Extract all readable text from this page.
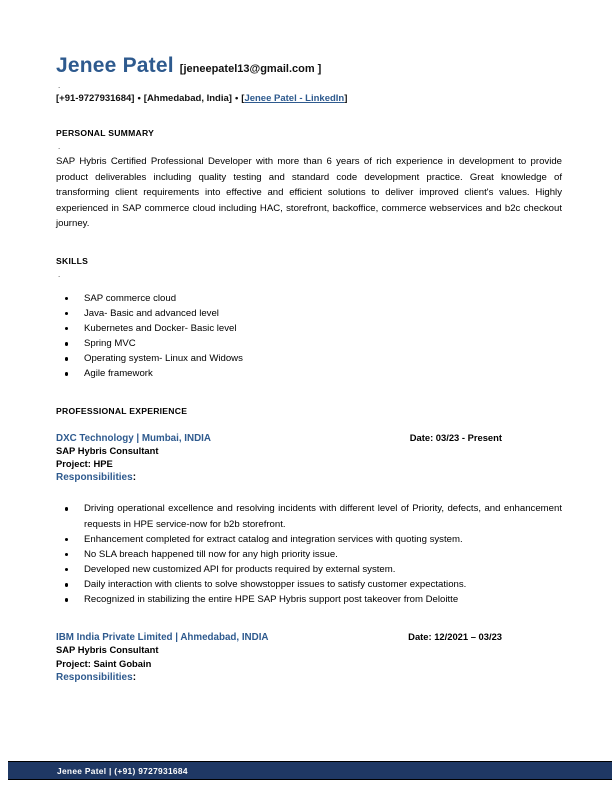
Jenee Patel [jeneepatel13@gmail.com ]
.
[+91-9727931684] • [Ahmedabad, India] • [Jenee Patel - LinkedIn]
PERSONAL SUMMARY
.
SAP Hybris Certified Professional Developer with more than 6 years of rich experience in development to provide product deliverables including quality testing and standard code development practice. Great knowledge of transforming client requirements into effective and efficient solutions to deliver improved client's values. Highly experienced in SAP commerce cloud including HAC, storefront, backoffice, commerce webservices and b2c checkout journey.
SKILLS
.
SAP commerce cloud
Java- Basic and advanced level
Kubernetes and Docker- Basic level
Spring MVC
Operating system- Linux and Widows
Agile framework
PROFESSIONAL EXPERIENCE
DXC Technology | Mumbai, INDIA	Date: 03/23 - Present
SAP Hybris Consultant
Project: HPE
Responsibilities:
Driving operational excellence and resolving incidents with different level of Priority, defects, and enhancement requests in HPE service-now for b2b storefront.
Enhancement completed for extract catalog and integration services with quoting system.
No SLA breach happened till now for any high priority issue.
Developed new customized API for products required by external system.
Daily interaction with clients to solve showstopper issues to satisfy customer expectations.
Recognized in stabilizing the entire HPE SAP Hybris support post takeover from Deloitte
IBM India Private Limited | Ahmedabad, INDIA	Date: 12/2021 – 03/23
SAP Hybris Consultant
Project: Saint Gobain
Responsibilities:
Jenee Patel | (+91) 9727931684
